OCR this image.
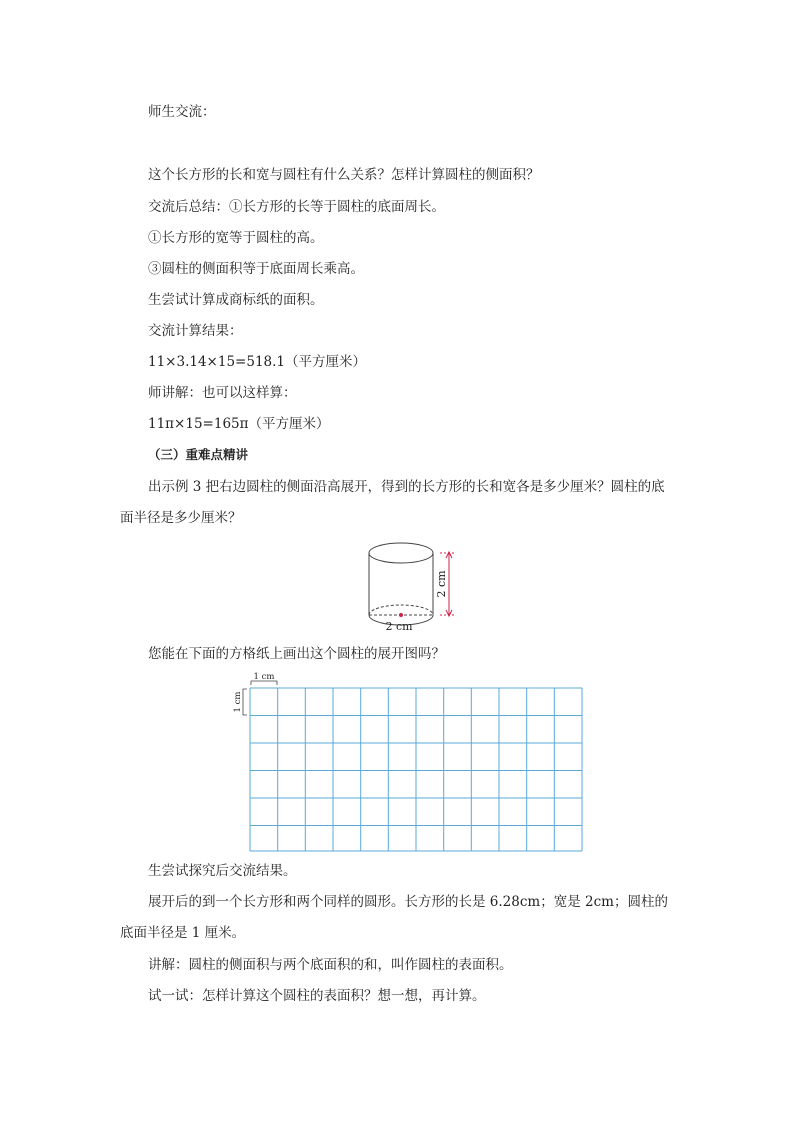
师生交流：
这个长方形的长和宽与圆柱有什么关系？怎样计算圆柱的侧面积？
交流后总结：①长方形的长等于圆柱的底面周长。
①长方形的宽等于圆柱的高。
③圆柱的侧面积等于底面周长乘高。
生尝试计算成商标纸的面积。
交流计算结果：
11×3.14×15=518.1（平方厘米）
师讲解：也可以这样算：
11π×15=165π（平方厘米）
（三）重难点精讲
出示例 3 把右边圆柱的侧面沿高展开，得到的长方形的长和宽各是多少厘米？圆柱的底
面半径是多少厘米？
2 cm
2 cm
您能在下面的方格纸上画出这个圆柱的展开图吗？
1 cm
1 cm
生尝试探究后交流结果。
展开后的到一个长方形和两个同样的圆形。长方形的长是 6.28cm；宽是 2cm；圆柱的
底面半径是 1 厘米。
讲解：圆柱的侧面积与两个底面积的和，叫作圆柱的表面积。
试一试：怎样计算这个圆柱的表面积？想一想，再计算。
